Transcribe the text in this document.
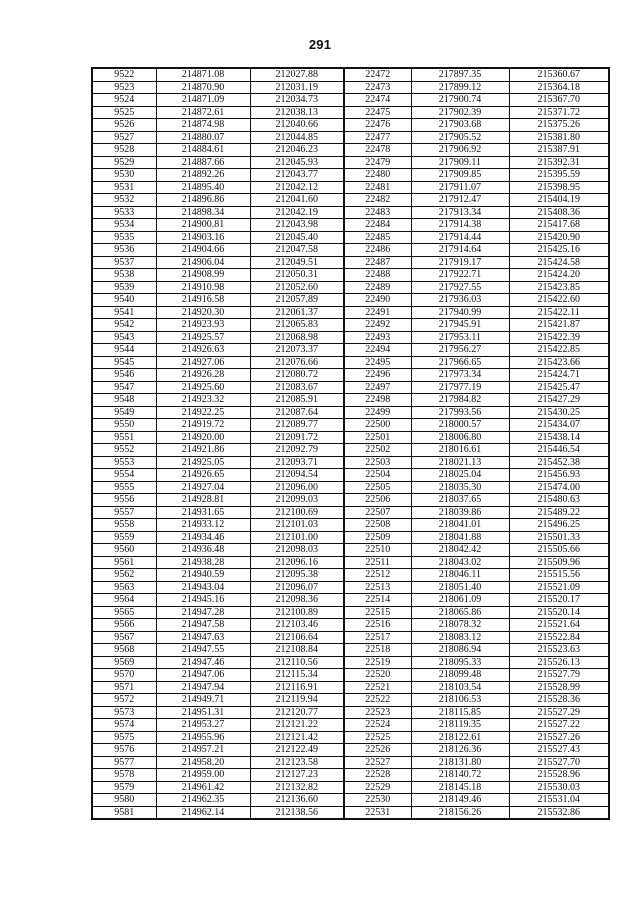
291
9522	214871.08	212027.88	22472	217897.35	215360.67
9523	214870.90	212031.19	22473	217899.12	215364.18
9524	214871.09	212034.73	22474	217900.74	215367.70
9525	214872.61	212038.13	22475	217902.39	215371.72
9526	214874.98	212040.66	22476	217903.68	215375.26
9527	214880.07	212044.85	22477	217905.52	215381.80
9528	214884.61	212046.23	22478	217906.92	215387.91
9529	214887.66	212045.93	22479	217909.11	215392.31
9530	214892.26	212043.77	22480	217909.85	215395.59
9531	214895.40	212042.12	22481	217911.07	215398.95
9532	214896.86	212041.60	22482	217912.47	215404.19
9533	214898.34	212042.19	22483	217913.34	215408.36
9534	214900.81	212043.98	22484	217914.38	215417.68
9535	214903.16	212045.40	22485	217914.44	215420.90
9536	214904.66	212047.58	22486	217914.64	215425.16
9537	214906.04	212049.51	22487	217919.17	215424.58
9538	214908.99	212050.31	22488	217922.71	215424.20
9539	214910.98	212052.60	22489	217927.55	215423.85
9540	214916.58	212057.89	22490	217936.03	215422.60
9541	214920.30	212061.37	22491	217940.99	215422.11
9542	214923.93	212065.83	22492	217945.91	215421.87
9543	214925.57	212068.98	22493	217953.11	215422.39
9544	214926.63	212073.37	22494	217956.27	215422.85
9545	214927.06	212076.66	22495	217966.65	215423.66
9546	214926.28	212080.72	22496	217973.34	215424.71
9547	214925.60	212083.67	22497	217977.19	215425.47
9548	214923.32	212085.91	22498	217984.82	215427.29
9549	214922.25	212087.64	22499	217993.56	215430.25
9550	214919.72	212089.77	22500	218000.57	215434.07
9551	214920.00	212091.72	22501	218006.80	215438.14
9552	214921.86	212092.79	22502	218016.61	215446.54
9553	214925.05	212093.71	22503	218021.13	215452.38
9554	214926.65	212094.54	22504	218025.04	215456.93
9555	214927.04	212096.00	22505	218035.30	215474.00
9556	214928.81	212099.03	22506	218037.65	215480.63
9557	214931.65	212100.69	22507	218039.86	215489.22
9558	214933.12	212101.03	22508	218041.01	215496.25
9559	214934.46	212101.00	22509	218041.88	215501.33
9560	214936.48	212098.03	22510	218042.42	215505.66
9561	214938.28	212096.16	22511	218043.02	215509.96
9562	214940.59	212095.38	22512	218046.11	215515.56
9563	214943.04	212096.07	22513	218051.40	215521.09
9564	214945.16	212098.36	22514	218061.09	215520.17
9565	214947.28	212100.89	22515	218065.86	215520.14
9566	214947.58	212103.46	22516	218078.32	215521.64
9567	214947.63	212106.64	22517	218083.12	215522.84
9568	214947.55	212108.84	22518	218086.94	215523.63
9569	214947.46	212110.56	22519	218095.33	215526.13
9570	214947.06	212115.34	22520	218099.48	215527.79
9571	214947.94	212116.91	22521	218103.54	215528.99
9572	214949.71	212119.94	22522	218106.53	215528.36
9573	214951.31	212120.77	22523	218115.85	215527.29
9574	214953.27	212121.22	22524	218119.35	215527.22
9575	214955.96	212121.42	22525	218122.61	215527.26
9576	214957.21	212122.49	22526	218126.36	215527.43
9577	214958.20	212123.58	22527	218131.80	215527.70
9578	214959.00	212127.23	22528	218140.72	215528.96
9579	214961.42	212132.82	22529	218145.18	215530.03
9580	214962.35	212136.60	22530	218149.46	215531.04
9581	214962.14	212138.56	22531	218156.26	215532.86
